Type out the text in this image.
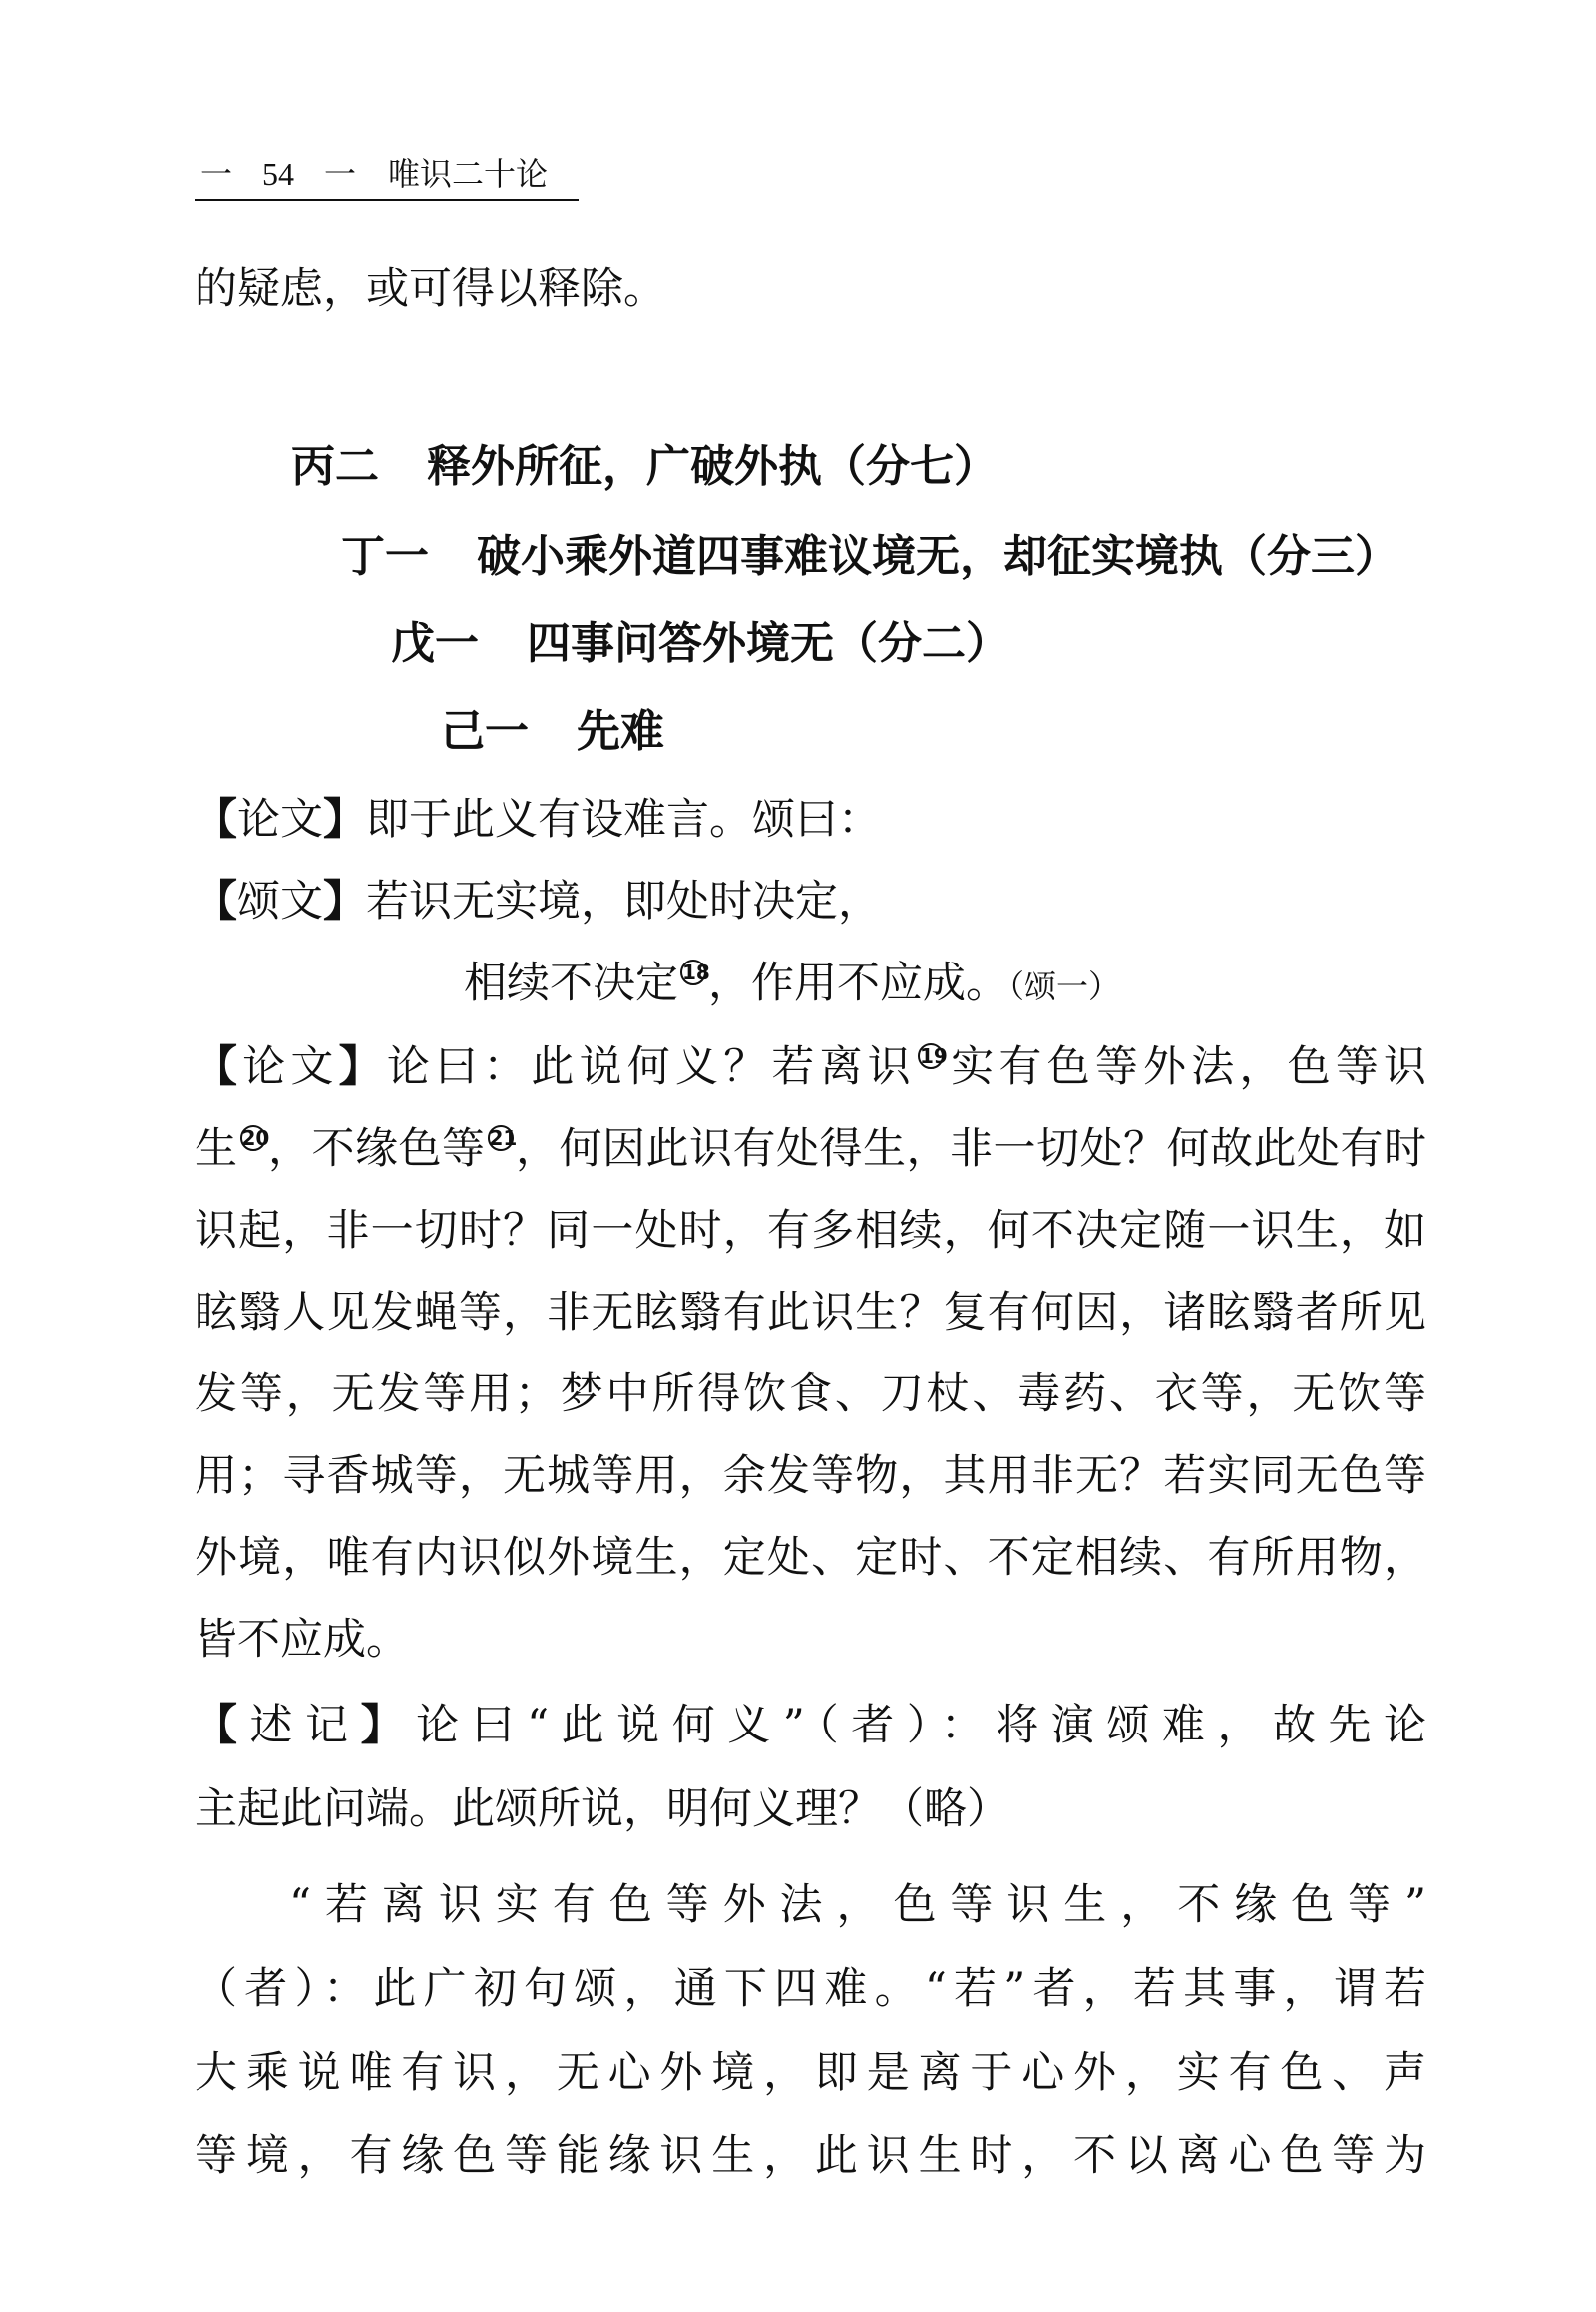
一 54 一 唯识二十论
的疑虑，或可得以释除。
丙二 释外所征，广破外执（分七）
丁一 破小乘外道四事难议境无，却征实境执（分三）
戊一 四事问答外境无（分二）
己一 先难
【论文】即于此义有设难言。颂曰：
【颂文】若识无实境，即处时决定，
相续不决定 $^{18}$，作用不应成。（颂一）
【论文】论曰：此说何义？若离识 $^{19}$实有色等外法，色等识
生 $^{20}$，不缘色等 $^{21}$，何因此识有处得生，非一切处？何故此处有时
识起，非一切时？同一处时，有多相续，何不决定随一识生，如
眩翳人见发蝇等，非无眩翳有此识生？复有何因，诸眩翳者所见
发等，无发等用；梦中所得饮食、刀杖、毒药、衣等，无饮等
用；寻香城等，无城等用，余发等物，其用非无？若实同无色等
外境，唯有内识似外境生，定处、定时、不定相续、有所用物，
皆不应成。
【述记】论曰“此说何义”（者）：将演颂难，故先论
主起此问端。此颂所说，明何义理？（略）
“若离识实有色等外法，色等识生，不缘色等”
（者）：此广初句颂，通下四难。“若”者，若其事，谓若
大乘说唯有识，无心外境，即是离于心外，实有色、声
等境，有缘色等能缘识生，此识生时，不以离心色等为
